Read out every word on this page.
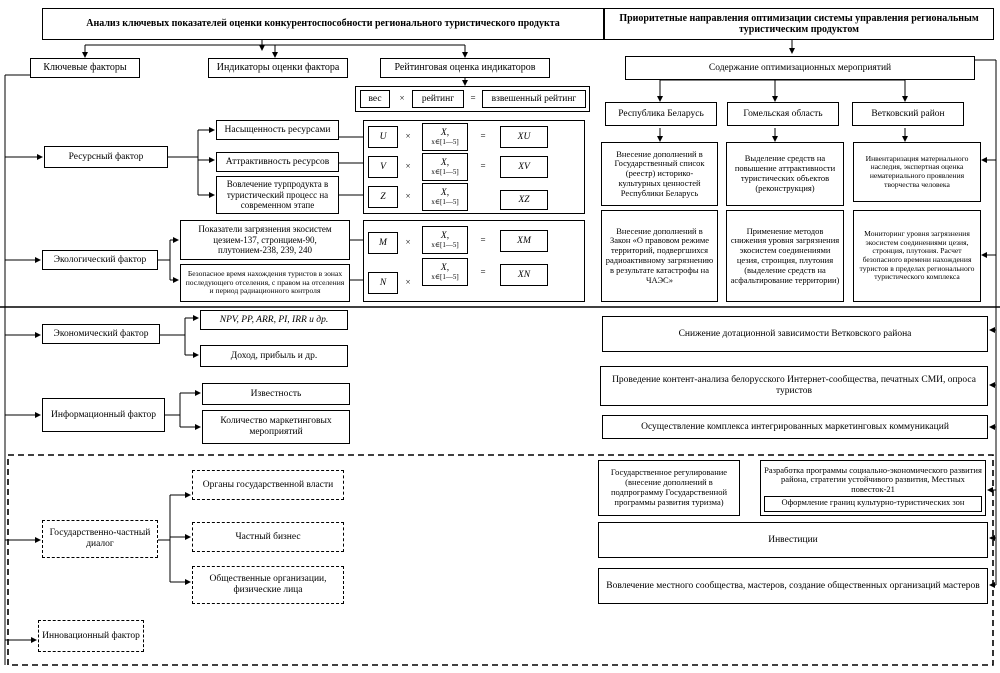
Анализ ключевых показателей оценки конкурентоспособности регионального туристического продукта
Приоритетные направления оптимизации системы управления региональным туристическим продуктом
Ключевые факторы	Индикаторы оценки фактора	Рейтинговая оценка индикаторов
вес	×	рейтинг	=	взвешенный рейтинг
Ресурсный фактор
Насыщенность ресурсами
Аттрактивность ресурсов
Вовлечение турпродукта в туристический процесс на современном этапе
U	×	X,
x∈[1—5]
=	XU
V	×	X,
x∈[1—5]
=	XV
Z	×	X,
x∈[1—5]	XZ
Экологический фактор
Показатели загрязнения экосистем цезием-137, стронцием-90, плутонием-238, 239, 240
Безопасное время нахождения туристов в зонах последующего отселения, с правом на отселения и период радиационного контроля
M	×
X,
x∈[1—5]
=	XM
N	×
X,
x∈[1—5]
=	XN
Содержание оптимизационных мероприятий
Республика Беларусь	Гомельская область	Ветковский район
Внесение дополнений в Государственный список (реестр) историко-культурных ценностей Республики Беларусь
Выделение средств на повышение аттрактивности туристических объектов (реконструкция)
Инвентаризация материального наследия, экспертная оценка нематериального проявления творчества человека
Внесение дополнений в Закон «О правовом режиме территорий, подвергшихся радиоактивному загрязнению в результате катастрофы на ЧАЭС»
Применение методов снижения уровня загрязнения экосистем соединениями цезия, стронция, плутония (выделение средств на асфальтирование территории)
Мониторинг уровня загрязнения экосистем соединениями цезия, стронция, плутония. Расчет безопасного времени нахождения туристов в пределах регионального туристического комплекса
Экономический фактор
NPV, PP, ARR, PI, IRR и др.
Доход, прибыль и др.
Снижение дотационной зависимости Ветковского района
Информационный фактор
Известность
Количество маркетинговых мероприятий
Проведение контент-анализа белорусского Интернет-сообщества, печатных СМИ, опроса туристов
Осуществление комплекса интегрированных маркетинговых коммуникаций
Государственно-частный диалог
Органы государственной власти
Частный бизнес
Общественные организации, физические лица
Инновационный фактор
Государственное регулирование (внесение дополнений в подпрограмму Государственной программы развития туризма)
Разработка программы социально-экономического развития района, стратегии устойчивого развития, Местных повесток-21
Оформление границ культурно-туристических зон
Инвестиции
Вовлечение местного сообщества, мастеров, создание общественных организаций мастеров
